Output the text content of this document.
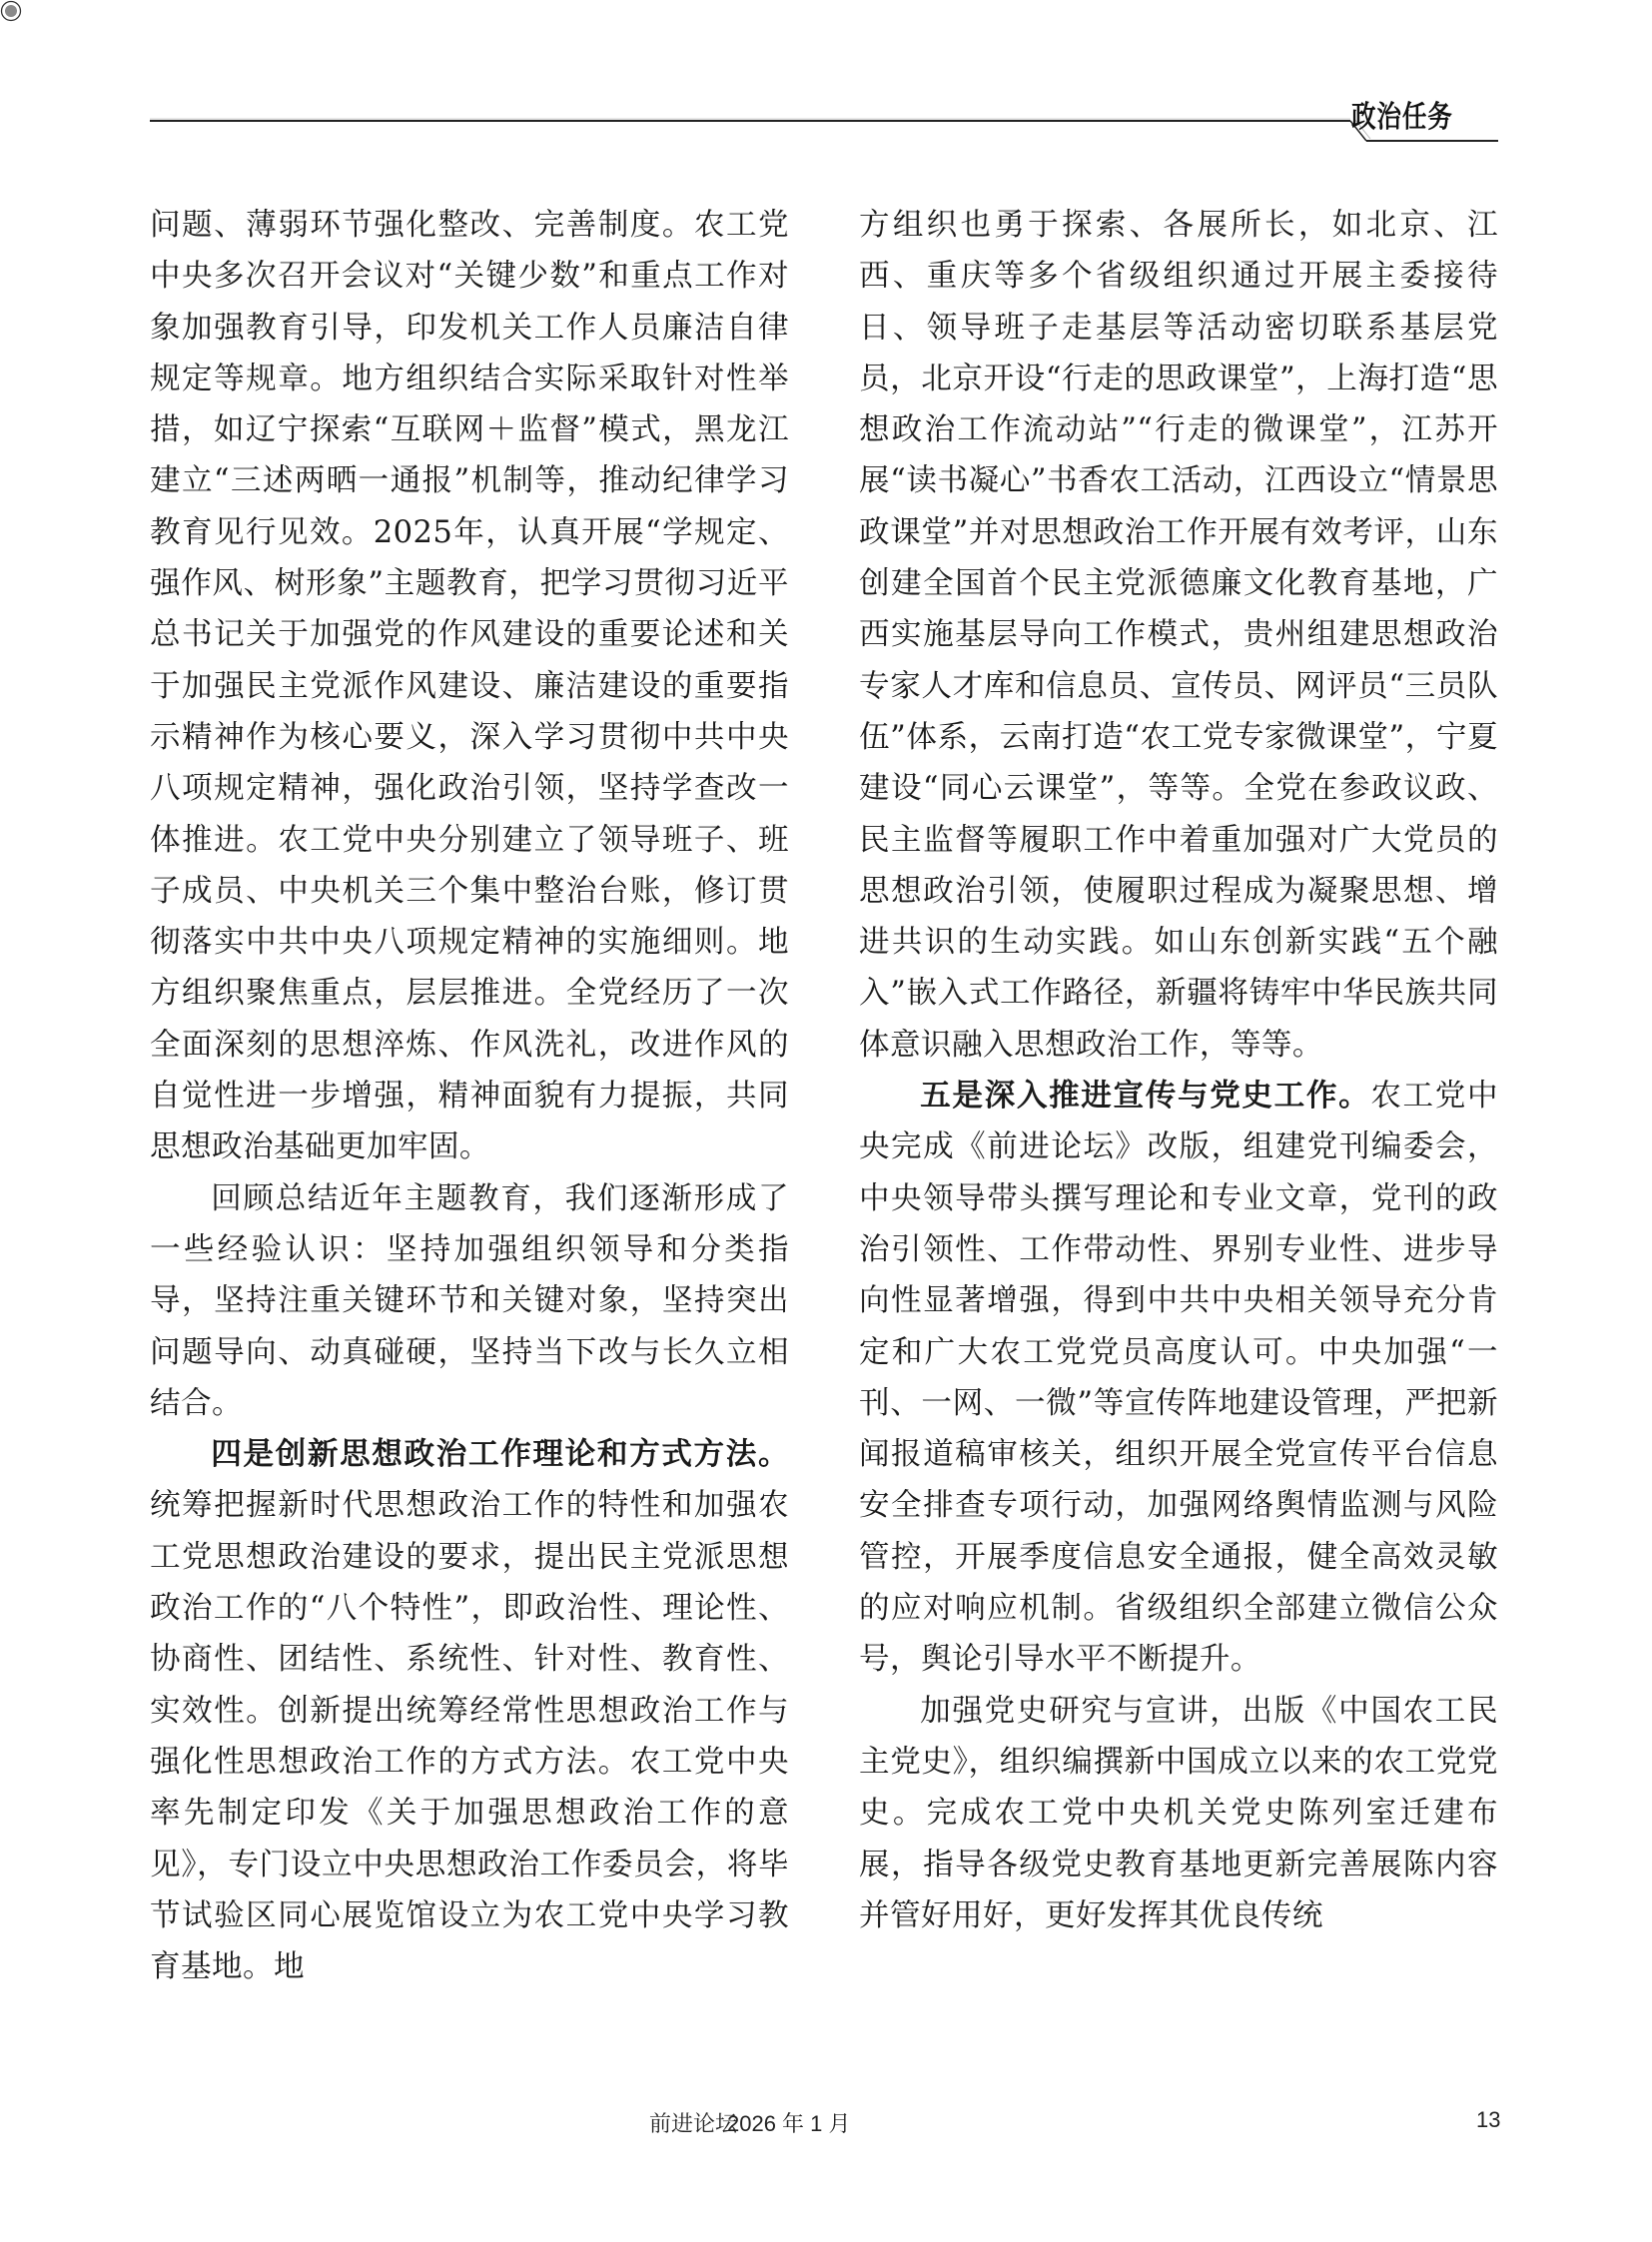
政治任务

问题、薄弱环节强化整改、完善制度。农工党中央多次召开会议对“关键少数”和重点工作对象加强教育引导，印发机关工作人员廉洁自律规定等规章。地方组织结合实际采取针对性举措，如辽宁探索“互联网＋监督”模式，黑龙江建立“三述两晒一通报”机制等，推动纪律学习教育见行见效。2025年，认真开展“学规定、强作风、树形象”主题教育，把学习贯彻习近平总书记关于加强党的作风建设的重要论述和关于加强民主党派作风建设、廉洁建设的重要指示精神作为核心要义，深入学习贯彻中共中央八项规定精神，强化政治引领，坚持学查改一体推进。农工党中央分别建立了领导班子、班子成员、中央机关三个集中整治台账，修订贯彻落实中共中央八项规定精神的实施细则。地方组织聚焦重点，层层推进。全党经历了一次全面深刻的思想淬炼、作风洗礼，改进作风的自觉性进一步增强，精神面貌有力提振，共同思想政治基础更加牢固。

回顾总结近年主题教育，我们逐渐形成了一些经验认识：坚持加强组织领导和分类指导，坚持注重关键环节和关键对象，坚持突出问题导向、动真碰硬，坚持当下改与长久立相结合。

四是创新思想政治工作理论和方式方法。统筹把握新时代思想政治工作的特性和加强农工党思想政治建设的要求，提出民主党派思想政治工作的“八个特性”，即政治性、理论性、协商性、团结性、系统性、针对性、教育性、实效性。创新提出统筹经常性思想政治工作与强化性思想政治工作的方式方法。农工党中央率先制定印发《关于加强思想政治工作的意见》，专门设立中央思想政治工作委员会，将毕节试验区同心展览馆设立为农工党中央学习教育基地。地

方组织也勇于探索、各展所长，如北京、江西、重庆等多个省级组织通过开展主委接待日、领导班子走基层等活动密切联系基层党员，北京开设“行走的思政课堂”，上海打造“思想政治工作流动站”“行走的微课堂”，江苏开展“读书凝心”书香农工活动，江西设立“情景思政课堂”并对思想政治工作开展有效考评，山东创建全国首个民主党派德廉文化教育基地，广西实施基层导向工作模式，贵州组建思想政治专家人才库和信息员、宣传员、网评员“三员队伍”体系，云南打造“农工党专家微课堂”，宁夏建设“同心云课堂”，等等。全党在参政议政、民主监督等履职工作中着重加强对广大党员的思想政治引领，使履职过程成为凝聚思想、增进共识的生动实践。如山东创新实践“五个融入”嵌入式工作路径，新疆将铸牢中华民族共同体意识融入思想政治工作，等等。

五是深入推进宣传与党史工作。农工党中央完成《前进论坛》改版，组建党刊编委会，中央领导带头撰写理论和专业文章，党刊的政治引领性、工作带动性、界别专业性、进步导向性显著增强，得到中共中央相关领导充分肯定和广大农工党党员高度认可。中央加强“一刊、一网、一微”等宣传阵地建设管理，严把新闻报道稿审核关，组织开展全党宣传平台信息安全排查专项行动，加强网络舆情监测与风险管控，开展季度信息安全通报，健全高效灵敏的应对响应机制。省级组织全部建立微信公众号，舆论引导水平不断提升。

加强党史研究与宣讲，出版《中国农工民主党史》，组织编撰新中国成立以来的农工党党史。完成农工党中央机关党史陈列室迁建布展，指导各级党史教育基地更新完善展陈内容并管好用好，更好发挥其优良传统

前进论坛
2026 年 1 月	13
